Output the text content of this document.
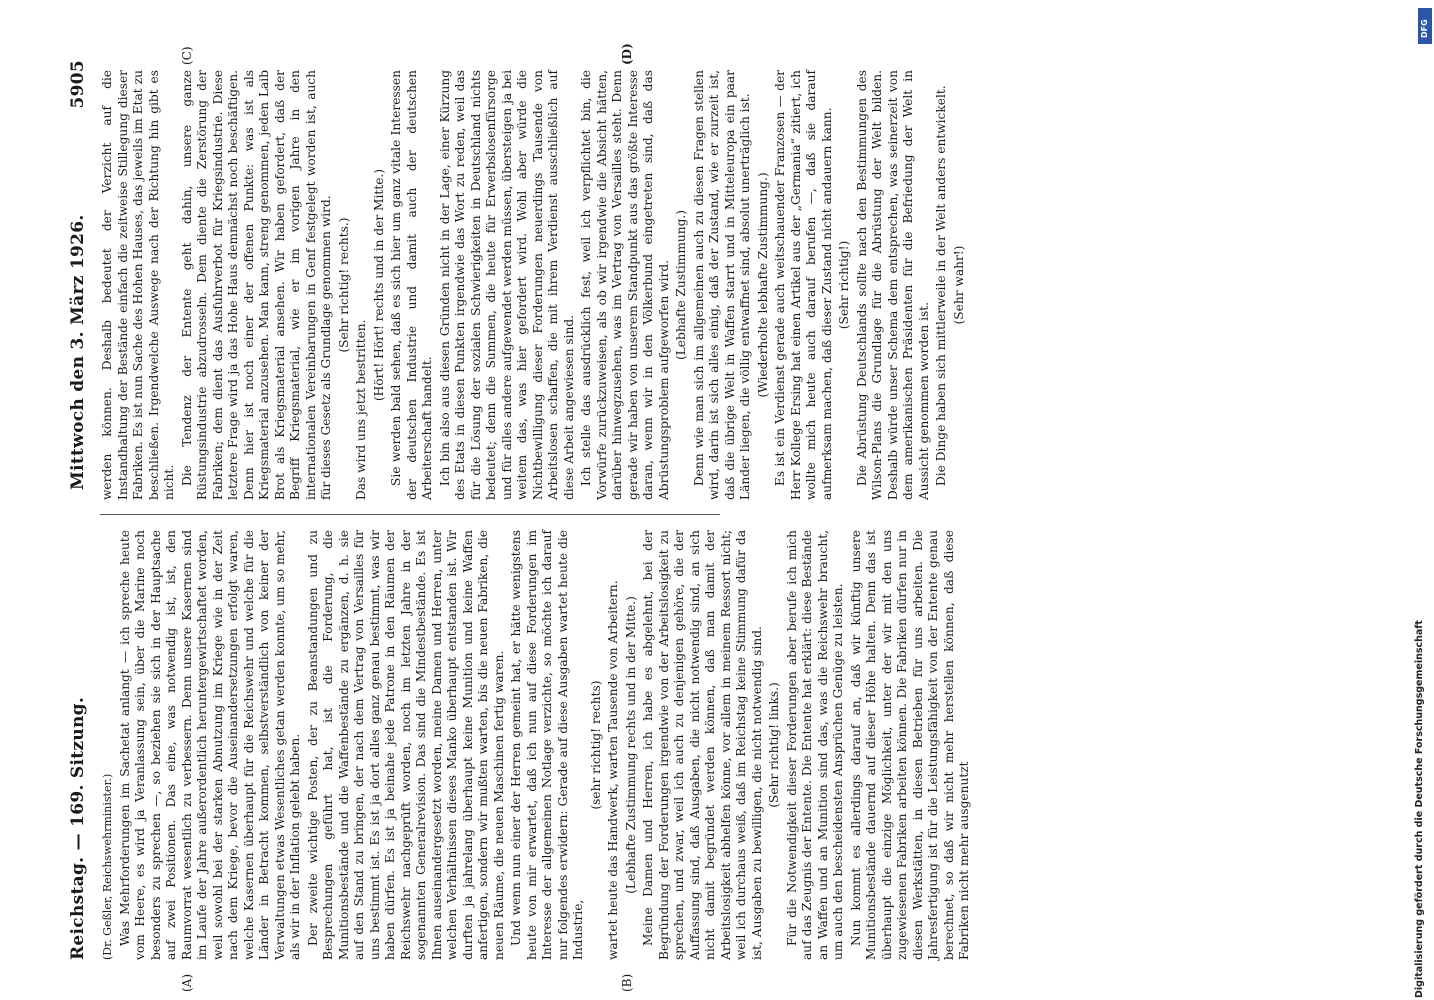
Reichstag. — 169. Sitzung.
5905
Mittwoch den 3. März 1926.
(A)	(B)
(C)	(D)

(Dr. Geßler, Reichswehrminister.) Was Mehrforderungen im Sachetat anlangt — ich spreche heute vom Heere, es wird ja Veranlassung sein, über die Marine noch besonders zu sprechen —, so beziehen sie sich in der Hauptsache auf zwei Positionen. Das eine, was notwendig ist, ist, den Raumvorrat wesentlich zu verbessern. Denn unsere Kasernen sind im Laufe der Jahre außerordentlich heruntergewirtschaftet worden, weil sowohl bei der starken Abnutzung im Kriege wie in der Zeit nach dem Kriege, bevor die Auseinandersetzungen erfolgt waren, welche Kasernen überhaupt für die Reichswehr und welche für die Länder in Betracht kommen, selbstverständlich von keiner der Verwaltungen etwas Wesentliches getan werden konnte, um so mehr, als wir in der Inflation gelebt haben. Der zweite wichtige Posten, der zu Beanstandungen und zu Besprechungen geführt hat, ist die Forderung, die Munitionsbestände und die Waffenbestände zu ergänzen, d. h. sie auf den Stand zu bringen, der nach dem Vertrag von Versailles für uns bestimmt ist. Es ist ja dort alles ganz genau bestimmt, was wir haben dürfen. Es ist ja beinahe jede Patrone in den Räumen der Reichswehr nachgeprüft worden, noch im letzten Jahre in der sogenannten Generalrevision. Das sind die Mindestbestände. Es ist Ihnen auseinandergesetzt worden, meine Damen und Herren, unter welchen Verhältnissen dieses Manko überhaupt entstanden ist. Wir durften ja jahrelang überhaupt keine Munition und keine Waffen anfertigen, sondern wir mußten warten, bis die neuen Fabriken, die neuen Räume, die neuen Maschinen fertig waren. Und wenn nun einer der Herren gemeint hat, er hätte wenigstens heute von mir erwartet, daß ich nun auf diese Forderungen im Interesse der allgemeinen Notlage verzichte, so möchte ich darauf nur folgendes erwidern: Gerade auf diese Ausgaben wartet heute die Industrie,

(sehr richtig! rechts) wartet heute das Handwerk, warten Tausende von Arbeitern. (Lebhafte Zustimmung rechts und in der Mitte.) Meine Damen und Herren, ich habe es abgelehnt, bei der Begründung der Forderungen irgendwie von der Arbeitslosigkeit zu sprechen, und zwar, weil ich auch zu denjenigen gehöre, die der Auffassung sind, daß Ausgaben, die nicht notwendig sind, an sich nicht damit begründet werden können, daß man damit der Arbeitslosigkeit abhelfen könne, vor allem in meinem Ressort nicht; weil ich durchaus weiß, daß im Reichstag keine Stimmung dafür da ist, Ausgaben zu bewilligen, die nicht notwendig sind. (Sehr richtig! links.) Für die Notwendigkeit dieser Forderungen aber berufe ich mich auf das Zeugnis der Entente. Die Entente hat erklärt: diese Bestände an Waffen und an Munition sind das, was die Reichswehr braucht, um auch den bescheidensten Ansprüchen Genüge zu leisten. Nun kommt es allerdings darauf an, daß wir künftig unsere Munitionsbestände dauernd auf dieser Höhe halten. Denn das ist überhaupt die einzige Möglichkeit, unter der wir mit den uns zugewiesenen Fabriken arbeiten können. Die Fabriken dürfen nur in diesen Werkstätten, in diesen Betrieben für uns arbeiten. Die Jahresfertigung ist für die Leistungsfähigkeit von der Entente genau berechnet, so daß wir nicht mehr herstellen können, daß diese Fabriken nicht mehr ausgenutzt

werden können. Deshalb bedeutet der Verzicht auf die Instandhaltung der Bestände einfach die zeitweise Stillegung dieser Fabriken. Es ist nun Sache des Hohen Hauses, das jeweils im Etat zu beschließen. Irgendwelche Auswege nach der Richtung hin gibt es nicht. Die Tendenz der Entente geht dahin, unsere ganze Rüstungsindustrie abzudrosseln. Dem diente die Zerstörung der Fabriken; dem dient das Ausfuhrverbot für Kriegsindustrie. Diese letztere Frage wird ja das Hohe Haus demnächst noch beschäftigen. Denn hier ist noch einer der offenen Punkte: was ist als Kriegsmaterial anzusehen. Man kann, streng genommen, jeden Laib Brot als Kriegsmaterial ansehen. Wir haben gefordert, daß der Begriff Kriegsmaterial, wie er im vorigen Jahre in den internationalen Vereinbarungen in Genf festgelegt worden ist, auch für dieses Gesetz als Grundlage genommen wird. (Sehr richtig! rechts.)

Das wird uns jetzt bestritten.

(Hört! Hört! rechts und in der Mitte.) Sie werden bald sehen, daß es sich hier um ganz vitale Interessen der deutschen Industrie und damit auch der deutschen Arbeiterschaft handelt. Ich bin also aus diesen Gründen nicht in der Lage, einer Kürzung des Etats in diesen Punkten irgendwie das Wort zu reden, weil das für die Lösung der sozialen Schwierigkeiten in Deutschland nichts bedeutet; denn die Summen, die heute für Erwerbslosenfürsorge und für alles andere aufgewendet werden müssen, übersteigen ja bei weitem das, was hier gefordert wird. Wohl aber würde die Nichtbewilligung dieser Forderungen neuerdings Tausende von Arbeitslosen schaffen, die mit ihrem Verdienst ausschließlich auf diese Arbeit angewiesen sind. Ich stelle das ausdrücklich fest, weil ich verpflichtet bin, die Vorwürfe zurückzuweisen, als ob wir irgendwie die Absicht hätten, darüber hinwegzusehen, was im Vertrag von Versailles steht. Denn gerade wir haben von unserem Standpunkt aus das größte Interesse daran, wenn wir in den Völkerbund eingetreten sind, daß das Abrüstungsproblem aufgeworfen wird. (Lebhafte Zustimmung.) Denn wie man sich im allgemeinen auch zu diesen Fragen stellen wird, darin ist sich alles einig, daß der Zustand, wie er zurzeit ist, daß die übrige Welt in Waffen starrt und in Mitteleuropa ein paar Länder liegen, die völlig entwaffnet sind, absolut unerträglich ist. (Wiederholte lebhafte Zustimmung.) Es ist ein Verdienst gerade auch weitschauender Franzosen — der Herr Kollege Ersing hat einen Artikel aus der „Germania“ zitiert, ich wollte mich heute auch darauf berufen —, daß sie darauf aufmerksam machen, daß dieser Zustand nicht andauern kann. (Sehr richtig!) Die Abrüstung Deutschlands sollte nach den Bestimmungen des Wilson-Plans die Grundlage für die Abrüstung der Welt bilden. Deshalb würde unser Schema dem entsprechen, was seinerzeit von dem amerikanischen Präsidenten für die Befriedung der Welt in Aussicht genommen worden ist. Die Dinge haben sich mittlerweile in der Welt anders entwickelt. (Sehr wahr!)

DFG
Digitalisierung gefördert durch die Deutsche Forschungsgemeinschaft
